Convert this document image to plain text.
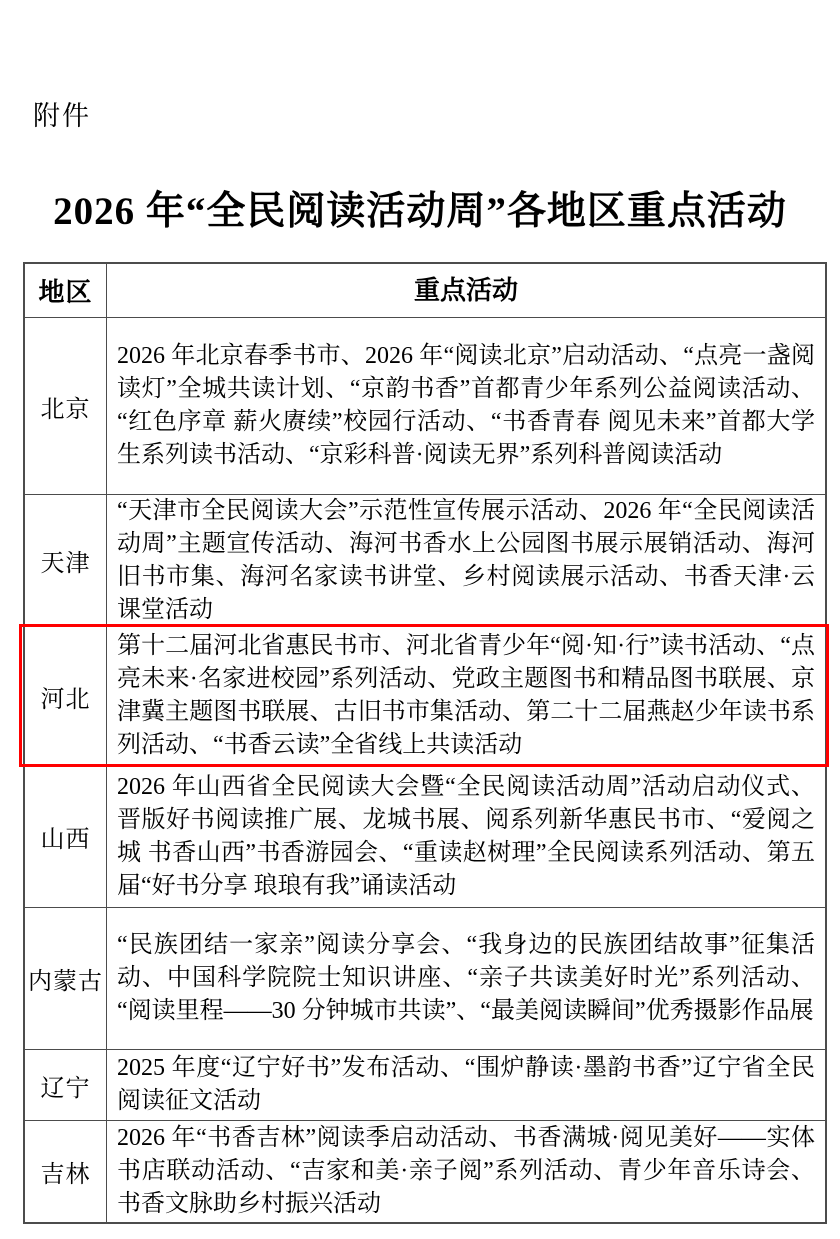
附件
2026 年“全民阅读活动周”各地区重点活动
地区	重点活动

北京

2026 年北京春季书市、2026 年“阅读北京”启动活动、“点亮一盏阅读灯”全城共读计划、“京韵书香”首都青少年系列公益阅读活动、“红色序章 薪火赓续”校园行活动、“书香青春 阅见未来”首都大学生系列读书活动、“京彩科普·阅读无界”系列科普阅读活动

天津

“天津市全民阅读大会”示范性宣传展示活动、2026 年“全民阅读活动周”主题宣传活动、海河书香水上公园图书展示展销活动、海河旧书市集、海河名家读书讲堂、乡村阅读展示活动、书香天津·云课堂活动

河北

第十二届河北省惠民书市、河北省青少年“阅·知·行”读书活动、“点亮未来·名家进校园”系列活动、党政主题图书和精品图书联展、京津冀主题图书联展、古旧书市集活动、第二十二届燕赵少年读书系列活动、“书香云读”全省线上共读活动

山西

2026 年山西省全民阅读大会暨“全民阅读活动周”活动启动仪式、晋版好书阅读推广展、龙城书展、阅系列新华惠民书市、“爱阅之城 书香山西”书香游园会、“重读赵树理”全民阅读系列活动、第五届“好书分享 琅琅有我”诵读活动

内蒙古

“民族团结一家亲”阅读分享会、“我身边的民族团结故事”征集活动、中国科学院院士知识讲座、“亲子共读美好时光”系列活动、“阅读里程——30 分钟城市共读”、“最美阅读瞬间”优秀摄影作品展

辽宁

2025 年度“辽宁好书”发布活动、“围炉静读·墨韵书香”辽宁省全民阅读征文活动

吉林

2026 年“书香吉林”阅读季启动活动、书香满城·阅见美好——实体书店联动活动、“吉家和美·亲子阅”系列活动、青少年音乐诗会、书香文脉助乡村振兴活动
